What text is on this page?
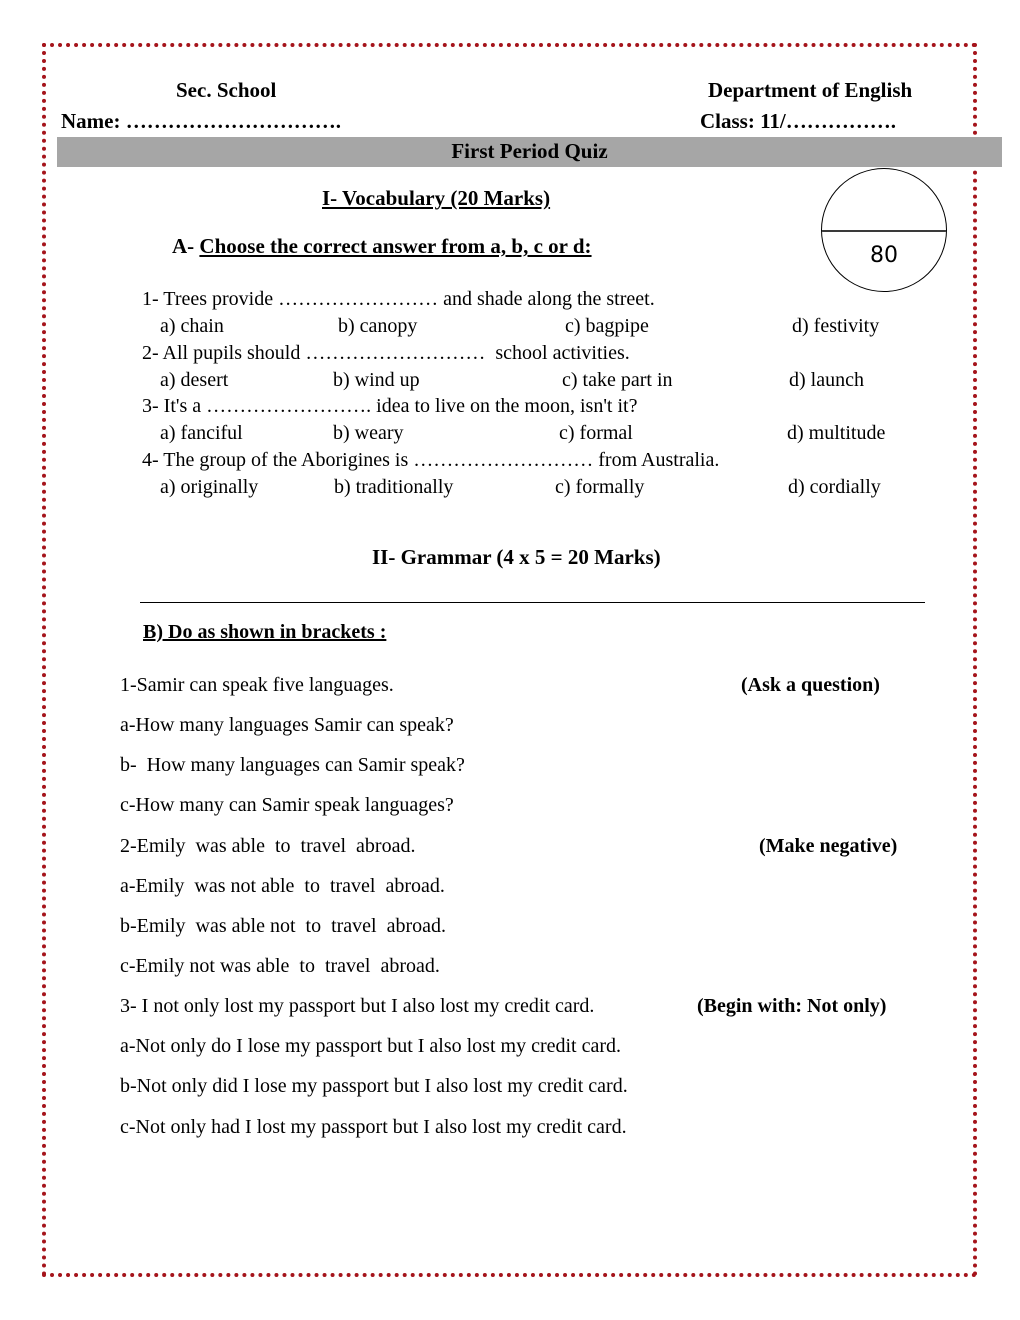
Sec. School	Department of English
Name: ………………………….	Class: 11/…………….
First Period Quiz
80
I- Vocabulary (20 Marks)
A- Choose the correct answer from a, b, c or d:
1- Trees provide …………………… and shade along the street.
a) chain	b) canopy	c) bagpipe	d) festivity
2- All pupils should ………………………  school activities.
a) desert	b) wind up	c) take part in	d) launch
3- It's a ……………………. idea to live on the moon, isn't it?
a) fanciful	b) weary	c) formal	d) multitude
4- The group of the Aborigines is ……………………… from Australia.
a) originally	b) traditionally	c) formally	d) cordially
II- Grammar (4 x 5 = 20 Marks)
B) Do as shown in brackets :
1-Samir can speak five languages.	(Ask a question)
a-How many languages Samir can speak?
b-  How many languages can Samir speak?
c-How many can Samir speak languages?
2-Emily  was able  to  travel  abroad.	(Make negative)
a-Emily  was not able  to  travel  abroad.
b-Emily  was able not  to  travel  abroad.
c-Emily not was able  to  travel  abroad.
3- I not only lost my passport but I also lost my credit card.	(Begin with: Not only)
a-Not only do I lose my passport but I also lost my credit card.
b-Not only did I lose my passport but I also lost my credit card.
c-Not only had I lost my passport but I also lost my credit card.
